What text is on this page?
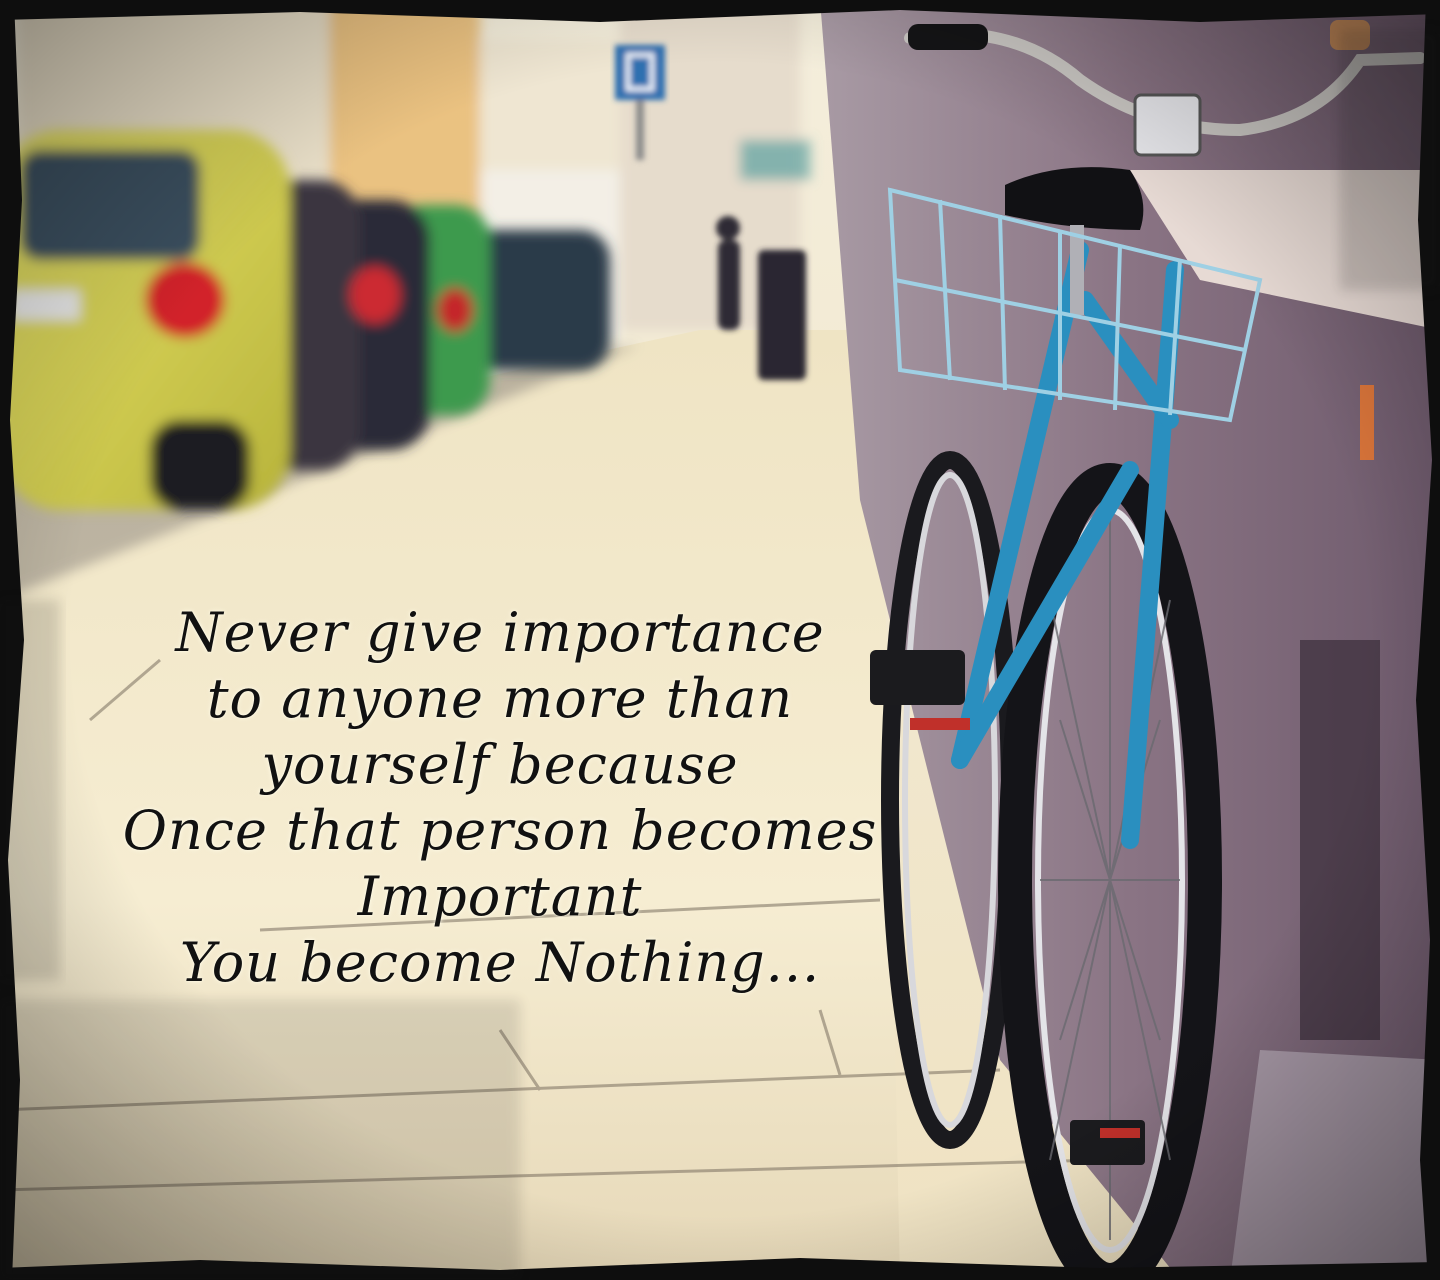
Never give importance
to anyone more than
yourself because
Once that person becomes
Important
You become Nothing...
